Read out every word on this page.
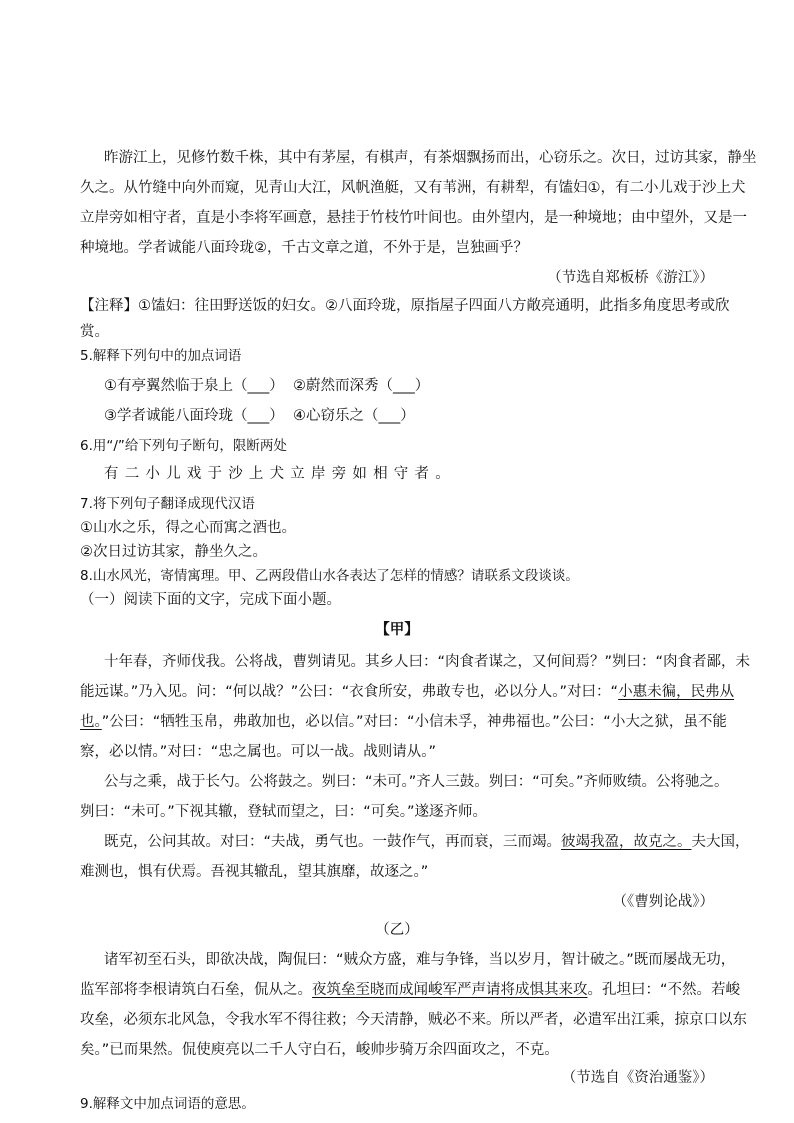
昨游江上，见修竹数千株，其中有茅屋，有棋声，有茶烟飘扬而出，心窃乐之。次日，过访其家，静坐
久之。从竹缝中向外而窥，见青山大江，风帆渔艇，又有苇洲，有耕犁，有馌妇①，有二小儿戏于沙上犬
立岸旁如相守者，直是小李将军画意，悬挂于竹枝竹叶间也。由外望内，是一种境地；由中望外，又是一
种境地。学者诚能八面玲珑②，千古文章之道，不外于是，岂独画乎？
（节选自郑板桥《游江》）
【注释】①馌妇：往田野送饭的妇女。②八面玲珑，原指屋子四面八方敞亮通明，此指多角度思考或欣
赏。
5.解释下列句中的加点词语
①有亭翼然临于泉上（___）  ②蔚然而深秀（___）
③学者诚能八面玲珑（___）  ④心窃乐之（___）
6.用“/”给下列句子断句，限断两处
有二小儿戏于沙上犬立岸旁如相守者。
7.将下列句子翻译成现代汉语
①山水之乐，得之心而寓之酒也。
②次日过访其家，静坐久之。
8.山水风光，寄情寓理。甲、乙两段借山水各表达了怎样的情感？请联系文段谈谈。
（一）阅读下面的文字，完成下面小题。
【甲】
十年春，齐师伐我。公将战，曹刿请见。其乡人曰：“肉食者谋之，又何间焉？”刿曰：“肉食者鄙，未
能远谋。”乃入见。问：“何以战？”公曰：“衣食所安，弗敢专也，必以分人。”对曰：“小惠未徧，民弗从
也。”公曰：“牺牲玉帛，弗敢加也，必以信。”对曰：“小信未孚，神弗福也。”公曰：“小大之狱，虽不能
察，必以情。”对曰：“忠之属也。可以一战。战则请从。”
公与之乘，战于长勺。公将鼓之。刿曰：“未可。”齐人三鼓。刿曰：“可矣。”齐师败绩。公将驰之。
刿曰：“未可。”下视其辙，登轼而望之，曰：“可矣。”遂逐齐师。
既克，公问其故。对曰：“夫战，勇气也。一鼓作气，再而衰，三而竭。彼竭我盈，故克之。夫大国，
难测也，惧有伏焉。吾视其辙乱，望其旗靡，故逐之。”
（《曹刿论战》）
（乙）
诸军初至石头，即欲决战，陶侃曰：“贼众方盛，难与争锋，当以岁月，智计破之。”既而屡战无功，
监军部将李根请筑白石垒，侃从之。夜筑垒至晓而成闻峻军严声请将成惧其来攻。孔坦曰：“不然。若峻
攻垒，必须东北风急，令我水军不得往救；今天清静，贼必不来。所以严者，必遣军出江乘，掠京口以东
矣。”已而果然。侃使庾亮以二千人守白石，峻帅步骑万余四面攻之，不克。
（节选自《资治通鉴》）
9.解释文中加点词语的意思。
